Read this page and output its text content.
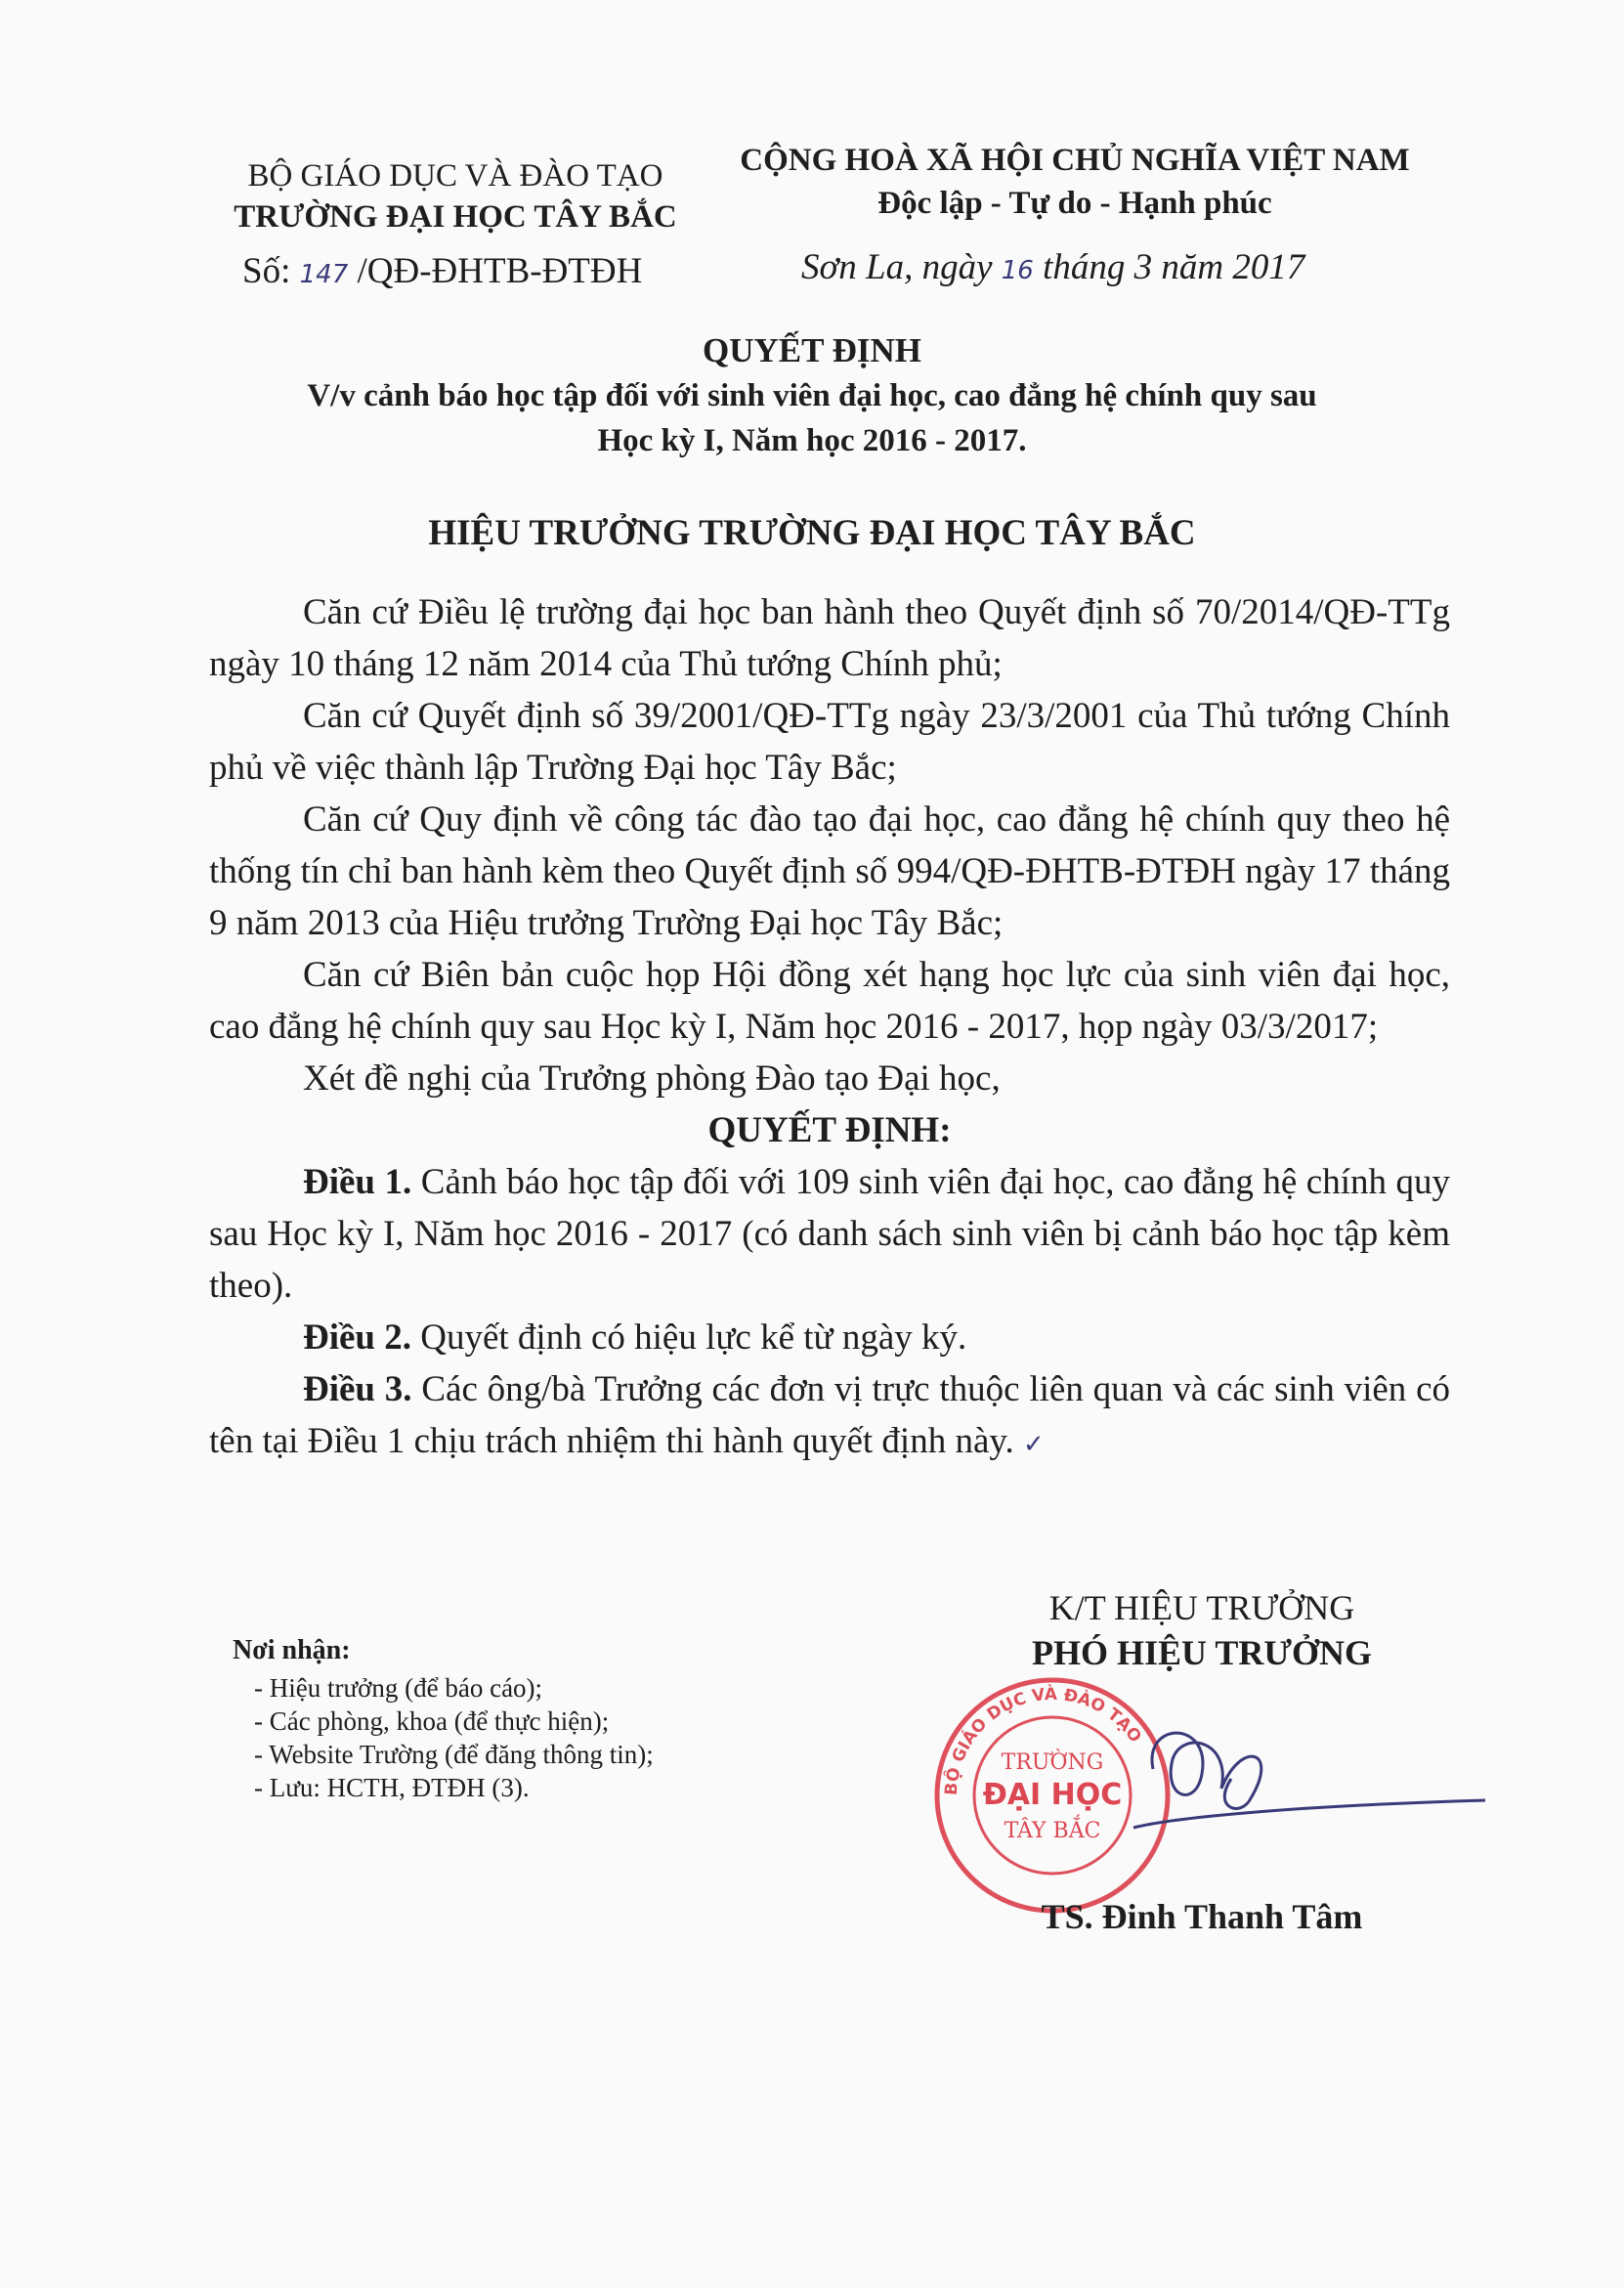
BỘ GIÁO DỤC VÀ ĐÀO TẠO
TRƯỜNG ĐẠI HỌC TÂY BẮC
CỘNG HOÀ XÃ HỘI CHỦ NGHĨA VIỆT NAM
Độc lập - Tự do - Hạnh phúc
Số: 147 /QĐ-ĐHTB-ĐTĐH	Sơn La, ngày 16 tháng 3 năm 2017
QUYẾT ĐỊNH
V/v cảnh báo học tập đối với sinh viên đại học, cao đẳng hệ chính quy sau
Học kỳ I, Năm học 2016 - 2017.
HIỆU TRƯỞNG TRƯỜNG ĐẠI HỌC TÂY BẮC

Căn cứ Điều lệ trường đại học ban hành theo Quyết định số 70/2014/QĐ-TTg ngày 10 tháng 12 năm 2014 của Thủ tướng Chính phủ;

Căn cứ Quyết định số 39/2001/QĐ-TTg ngày 23/3/2001 của Thủ tướng Chính phủ về việc thành lập Trường Đại học Tây Bắc;

Căn cứ Quy định về công tác đào tạo đại học, cao đẳng hệ chính quy theo hệ thống tín chỉ ban hành kèm theo Quyết định số 994/QĐ-ĐHTB-ĐTĐH ngày 17 tháng 9 năm 2013 của Hiệu trưởng Trường Đại học Tây Bắc;

Căn cứ Biên bản cuộc họp Hội đồng xét hạng học lực của sinh viên đại học, cao đẳng hệ chính quy sau Học kỳ I, Năm học 2016 - 2017, họp ngày 03/3/2017;

Xét đề nghị của Trưởng phòng Đào tạo Đại học,

QUYẾT ĐỊNH:

Điều 1. Cảnh báo học tập đối với 109 sinh viên đại học, cao đẳng hệ chính quy sau Học kỳ I, Năm học 2016 - 2017 (có danh sách sinh viên bị cảnh báo học tập kèm theo).

Điều 2. Quyết định có hiệu lực kể từ ngày ký.

Điều 3. Các ông/bà Trưởng các đơn vị trực thuộc liên quan và các sinh viên có tên tại Điều 1 chịu trách nhiệm thi hành quyết định này. ✓

Nơi nhận:
- Hiệu trưởng (để báo cáo);
- Các phòng, khoa (để thực hiện);
- Website Trường (để đăng thông tin);
- Lưu: HCTH, ĐTĐH (3).
K/T HIỆU TRƯỞNG
PHÓ HIỆU TRƯỞNG
BỘ GIÁO DỤC VÀ ĐÀO TẠO
TRƯỜNG
ĐẠI HỌC
TÂY BẮC
TS. Đinh Thanh Tâm
